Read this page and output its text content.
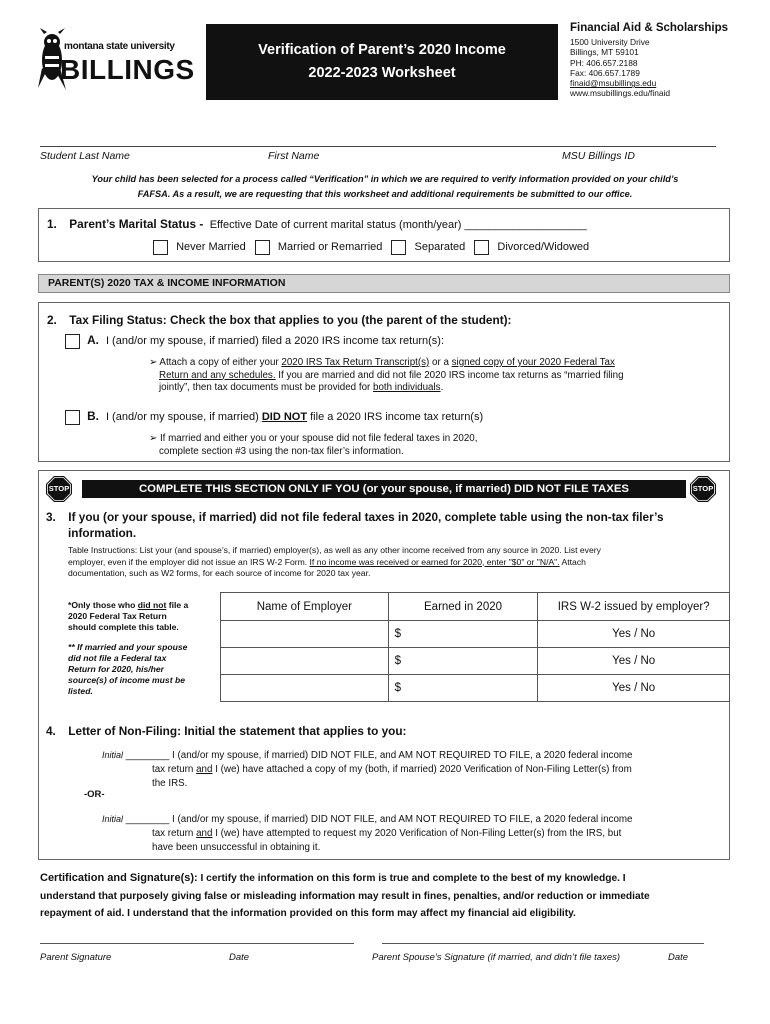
montana state university
BILLINGS
Verification of Parent’s 2020 Income
2022-2023 Worksheet
Financial Aid & Scholarships
1500 University Drive
Billings, MT 59101
PH: 406.657.2188
Fax: 406.657.1789
finaid@msubillings.edu
www.msubillings.edu/finaid
Student Last Name	First Name	MSU Billings ID
Your child has been selected for a process called “Verification” in which we are required to verify information provided on your child’s
FAFSA. As a result, we are requesting that this worksheet and additional requirements be submitted to our office.
1. Parent’s Marital Status - Effective Date of current marital status (month/year) ____________________
Never Married	Married or Remarried	Separated	Divorced/Widowed
PARENT(S) 2020 TAX & INCOME INFORMATION
2. Tax Filing Status: Check the box that applies to you (the parent of the student):
A. I (and/or my spouse, if married) filed a 2020 IRS income tax return(s):
➢ Attach a copy of either your 2020 IRS Tax Return Transcript(s) or a signed copy of your 2020 Federal Tax
Return and any schedules. If you are married and did not file 2020 IRS income tax returns as “married filing
jointly”, then tax documents must be provided for both individuals.
B. I (and/or my spouse, if married) DID NOT file a 2020 IRS income tax return(s)
➢ If married and either you or your spouse did not file federal taxes in 2020,
complete section #3 using the non-tax filer’s information.
STOP	STOP
COMPLETE THIS SECTION ONLY IF YOU (or your spouse, if married) DID NOT FILE TAXES
3. If you (or your spouse, if married) did not file federal taxes in 2020, complete table using the non-tax filer’s
information.
Table Instructions: List your (and spouse’s, if married) employer(s), as well as any other income received from any source in 2020. List every
employer, even if the employer did not issue an IRS W-2 Form. If no income was received or earned for 2020, enter "$0" or "N/A". Attach
documentation, such as W2 forms, for each source of income for 2020 tax year.
*Only those who did not file a
2020 Federal Tax Return
should complete this table.
** If married and your spouse
did not file a Federal tax
Return for 2020, his/her
source(s) of income must be
listed.
Name of Employer	Earned in 2020	IRS W-2 issued by employer?
	$	Yes / No
	$	Yes / No
	$	Yes / No
4. Letter of Non-Filing: Initial the statement that applies to you:
Initial ________ I (and/or my spouse, if married) DID NOT FILE, and AM NOT REQUIRED TO FILE, a 2020 federal income
tax return and I (we) have attached a copy of my (both, if married) 2020 Verification of Non-Filing Letter(s) from
the IRS.
-OR-
Initial ________ I (and/or my spouse, if married) DID NOT FILE, and AM NOT REQUIRED TO FILE, a 2020 federal income
tax return and I (we) have attempted to request my 2020 Verification of Non-Filing Letter(s) from the IRS, but
have been unsuccessful in obtaining it.
Certification and Signature(s): I certify the information on this form is true and complete to the best of my knowledge. I
understand that purposely giving false or misleading information may result in fines, penalties, and/or reduction or immediate
repayment of aid. I understand that the information provided on this form may affect my financial aid eligibility.
Parent Signature	Date	Parent Spouse’s Signature (if married, and didn’t file taxes)	Date
